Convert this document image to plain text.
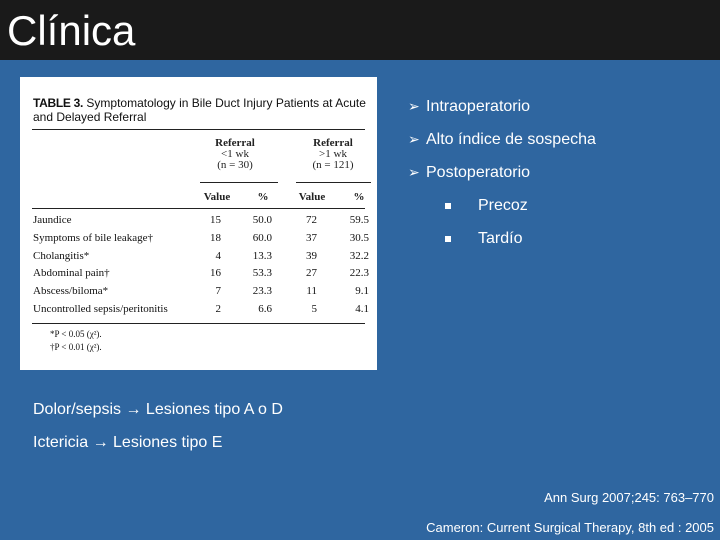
Clínica
TABLE 3. Symptomatology in Bile Duct Injury Patients at Acute and Delayed Referral
Referral
<1 wk
(n = 30)
Referral
>1 wk
(n = 121)
Value	%	Value	%
Jaundice	15	50.0	72	59.5
Symptoms of bile leakage†	18	60.0	37	30.5
Cholangitis*	4	13.3	39	32.2
Abdominal pain†	16	53.3	27	22.3
Abscess/biloma*	7	23.3	11	9.1
Uncontrolled sepsis/peritonitis	2	6.6	5	4.1
*P < 0.05 (χ²).
†P < 0.01 (χ²).
➢ Intraoperatorio
➢ Alto índice de sospecha
➢ Postoperatorio
Precoz
Tardío
Dolor/sepsis → Lesiones tipo A o D
Ictericia → Lesiones tipo E
Ann Surg 2007;245: 763–770
Cameron: Current Surgical Therapy, 8th ed : 2005
